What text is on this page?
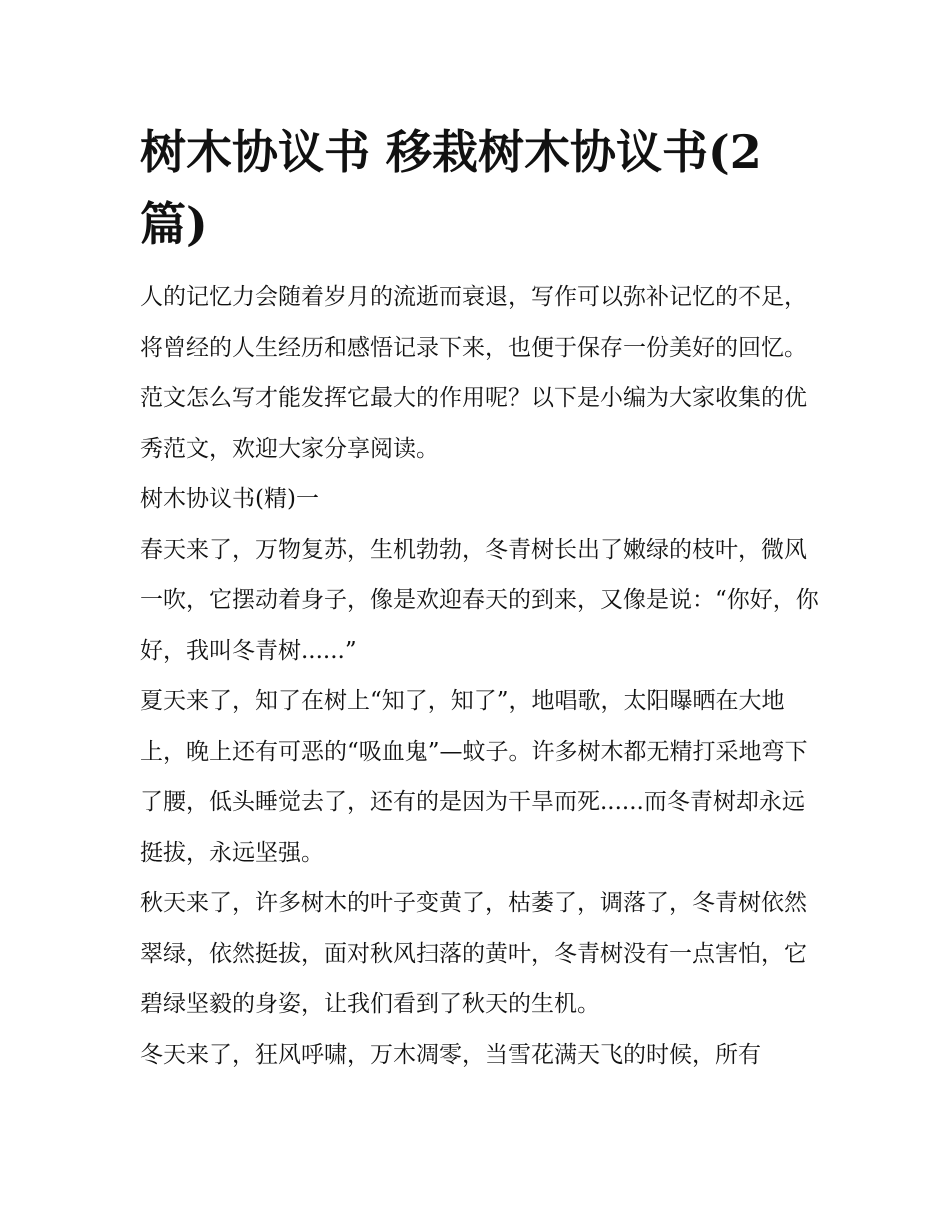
树木协议书 移栽树木协议书(2篇)

人的记忆力会随着岁月的流逝而衰退，写作可以弥补记忆的不足，将曾经的人生经历和感悟记录下来，也便于保存一份美好的回忆。范文怎么写才能发挥它最大的作用呢？以下是小编为大家收集的优秀范文，欢迎大家分享阅读。

树木协议书(精)一

春天来了，万物复苏，生机勃勃，冬青树长出了嫩绿的枝叶，微风一吹，它摆动着身子，像是欢迎春天的到来，又像是说：“你好，你好，我叫冬青树......”

夏天来了，知了在树上“知了，知了”，地唱歌，太阳曝晒在大地上，晚上还有可恶的“吸血鬼”—蚊子。许多树木都无精打采地弯下了腰，低头睡觉去了，还有的是因为干旱而死......而冬青树却永远挺拔，永远坚强。

秋天来了，许多树木的叶子变黄了，枯萎了，调落了，冬青树依然翠绿，依然挺拔，面对秋风扫落的黄叶，冬青树没有一点害怕，它碧绿坚毅的身姿，让我们看到了秋天的生机。

冬天来了，狂风呼啸，万木凋零，当雪花满天飞的时候，所有
